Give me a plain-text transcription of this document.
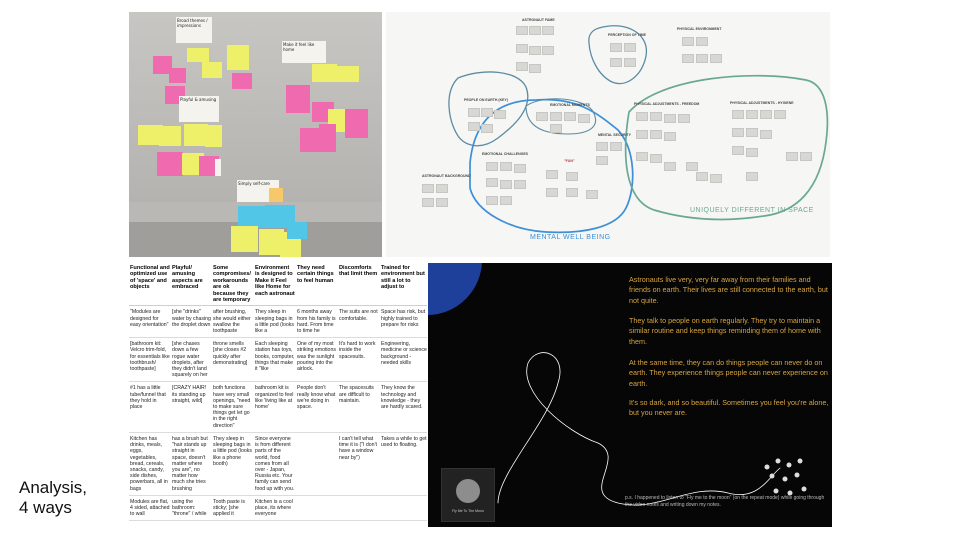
Broad themes / impressions
Make it feel like home
Playful & amusing
Simply self-care
ASTRONAUT FAME
PERCEPTION OF TIME
PHYSICAL ENVIRONMENT
PEOPLE ON EARTH (KEY)
EMOTIONAL MOMENTS
MENTAL SECURITY
EMOTIONAL CHALLENGES
ASTRONAUT BACKGROUND
PHYSICAL ADJUSTMENTS - FREEDOM	PHYSICAL ADJUSTMENTS - HYGIENE
"FUN"
MENTAL WELL BEING
UNIQUELY DIFFERENT IN SPACE
Functional and optimized use of 'space' and objects	Playful/ amusing aspects are embraced	Some compromises/ workarounds are ok because they are temporary	Environment is designed to Make it Feel like Home for each astronaut	They need certain things to feel human	Discomforts that limit them	Trained for environment but still a lot to adjust to
"Modules are designed for easy orientation"	[she "drinks" water by chasing the droplet down	after brushing, she would either swallow the toothpaste	They sleep in sleeping bags in a little pod (looks like a	6 months away from his family is hard. From time to time he	The suits are not comfortable.	Space has risk, but highly trained to prepare for risks
[bathroom kit: Velcro trim-fold, for essentials like toothbrush/ toothpaste]	[she chases down a few rogue water droplets, after they didn't land squarely on her	throne smells [she closes #2 quickly after demonstrating]	Each sleeping station has toys, books, computer, things that make it "like	One of my most striking emotions was the sunlight pouring into the airlock.	It's hard to work inside the spacesuits.	Engineering, medicine or science background - needed skills
#1 has a little tube/funnel that they hold in place	[CRAZY HAIR! its standing up straight, wild]	both functions have very small openings, "need to make sure things get let go in the right direction"	bathroom kit is organized to feel like 'living like at home'	People don't really know what we're doing in space.	The spacesuits are difficult to maintain.	They know the technology and knowledge - they are hardly scared.
Kitchen has drinks, meals, eggs, vegetables, bread, cereals, snacks, candy, side dishes, powerbars, all in bags	has a brush but "hair stands up straight in space, doesn't matter where you are", no matter how much she tries brushing	They sleep in sleeping bags in a little pod (looks like a phone booth)	Since everyone is from different parts of the world, food comes from all over - Japan, Russia etc. Your family can send food up with you.		I can't tell what time it is ("I don't have a window near by")	Takes a while to get used to floating.
Modules are flat, 4 sided, attached to wall	using the bathroom: "throne" / while	Tooth paste is sticky; [she applied it	Kitchen is a cool place, its where everyone			

Astronauts live very, very far away from their families and friends on earth. Their lives are still connected to the earth, but not quite.

They talk to people on earth regularly. They try to maintain a similar routine and keep things reminding them of home with them.

At the same time, they can do things people can never do on earth. They experience things people can never experience on earth.

It's so dark, and so beautiful. Sometimes you feel you're alone, but you never are.

Fly Me To The Moon
p.s. I happened to listen to "Fly me to the moon" (on the repeat mode) while going through the video notes and writing down my notes.
Analysis,
4 ways
